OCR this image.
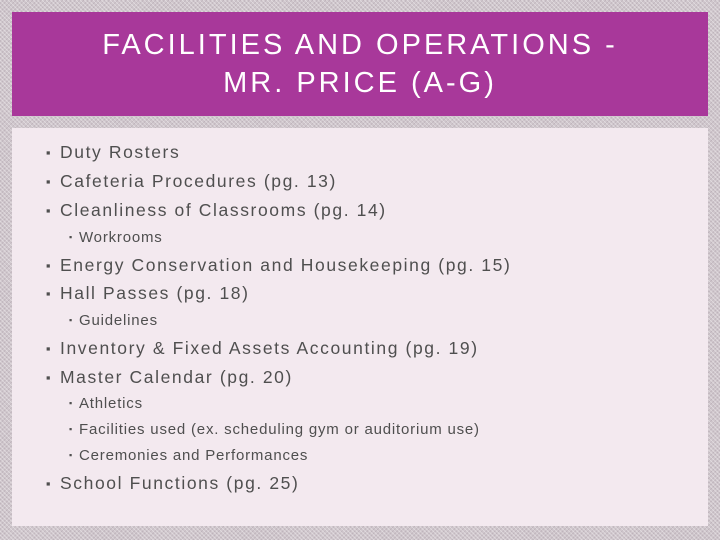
FACILITIES AND OPERATIONS -
MR. PRICE (A-G)
▪ Duty Rosters
▪ Cafeteria Procedures (pg. 13)
▪ Cleanliness of Classrooms (pg. 14)
▪ Workrooms
▪ Energy Conservation and Housekeeping (pg. 15)
▪ Hall Passes (pg. 18)
▪ Guidelines
▪ Inventory & Fixed Assets Accounting (pg. 19)
▪ Master Calendar (pg. 20)
▪ Athletics
▪ Facilities used (ex. scheduling gym or auditorium use)
▪ Ceremonies and Performances
▪ School Functions (pg. 25)
